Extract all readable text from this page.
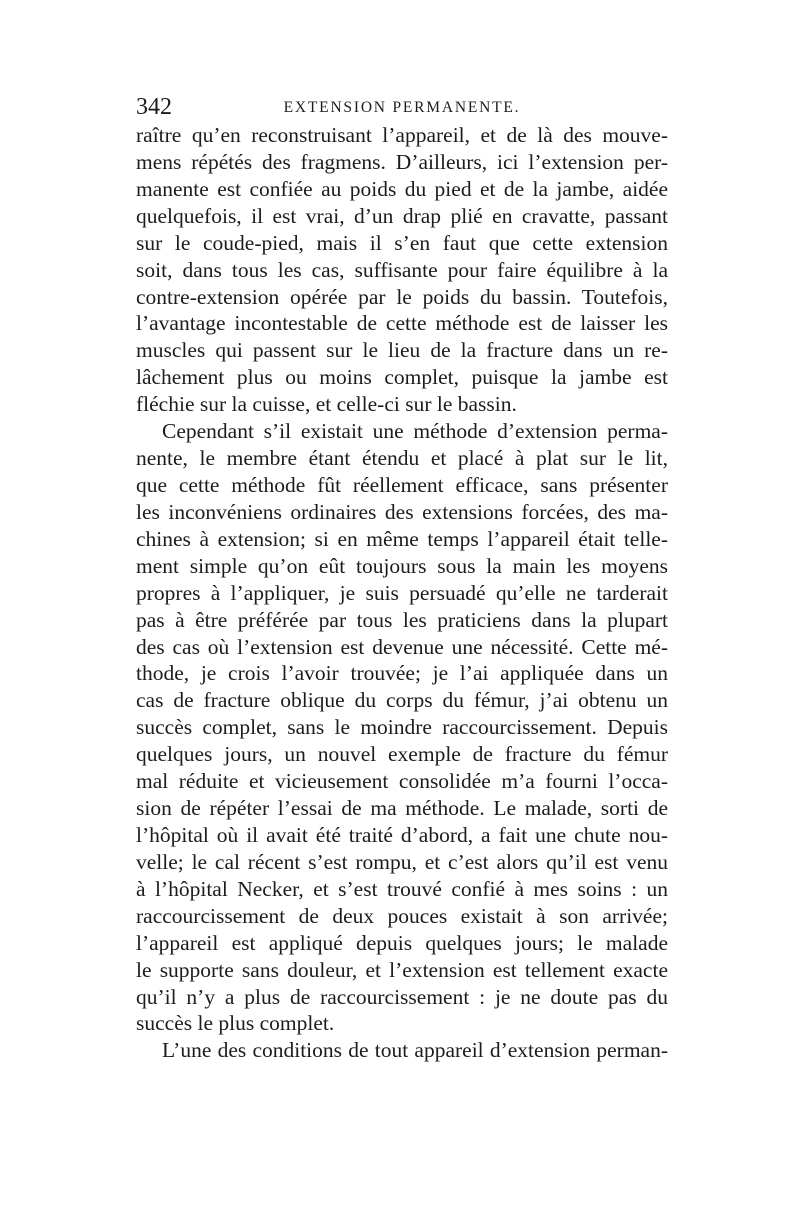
342	EXTENSION PERMANENTE.
raître qu’en reconstruisant l’appareil, et de là des mouve-
mens répétés des fragmens. D’ailleurs, ici l’extension per-
manente est confiée au poids du pied et de la jambe, aidée
quelquefois, il est vrai, d’un drap plié en cravatte, passant
sur le coude-pied, mais il s’en faut que cette extension
soit, dans tous les cas, suffisante pour faire équilibre à la
contre-extension opérée par le poids du bassin. Toutefois,
l’avantage incontestable de cette méthode est de laisser les
muscles qui passent sur le lieu de la fracture dans un re-
lâchement plus ou moins complet, puisque la jambe est
fléchie sur la cuisse, et celle-ci sur le bassin.
Cependant s’il existait une méthode d’extension perma-
nente, le membre étant étendu et placé à plat sur le lit,
que cette méthode fût réellement efficace, sans présenter
les inconvéniens ordinaires des extensions forcées, des ma-
chines à extension; si en même temps l’appareil était telle-
ment simple qu’on eût toujours sous la main les moyens
propres à l’appliquer, je suis persuadé qu’elle ne tarderait
pas à être préférée par tous les praticiens dans la plupart
des cas où l’extension est devenue une nécessité. Cette mé-
thode, je crois l’avoir trouvée; je l’ai appliquée dans un
cas de fracture oblique du corps du fémur, j’ai obtenu un
succès complet, sans le moindre raccourcissement. Depuis
quelques jours, un nouvel exemple de fracture du fémur
mal réduite et vicieusement consolidée m’a fourni l’occa-
sion de répéter l’essai de ma méthode. Le malade, sorti de
l’hôpital où il avait été traité d’abord, a fait une chute nou-
velle; le cal récent s’est rompu, et c’est alors qu’il est venu
à l’hôpital Necker, et s’est trouvé confié à mes soins : un
raccourcissement de deux pouces existait à son arrivée;
l’appareil est appliqué depuis quelques jours; le malade
le supporte sans douleur, et l’extension est tellement exacte
qu’il n’y a plus de raccourcissement : je ne doute pas du
succès le plus complet.
L’une des conditions de tout appareil d’extension perman-
